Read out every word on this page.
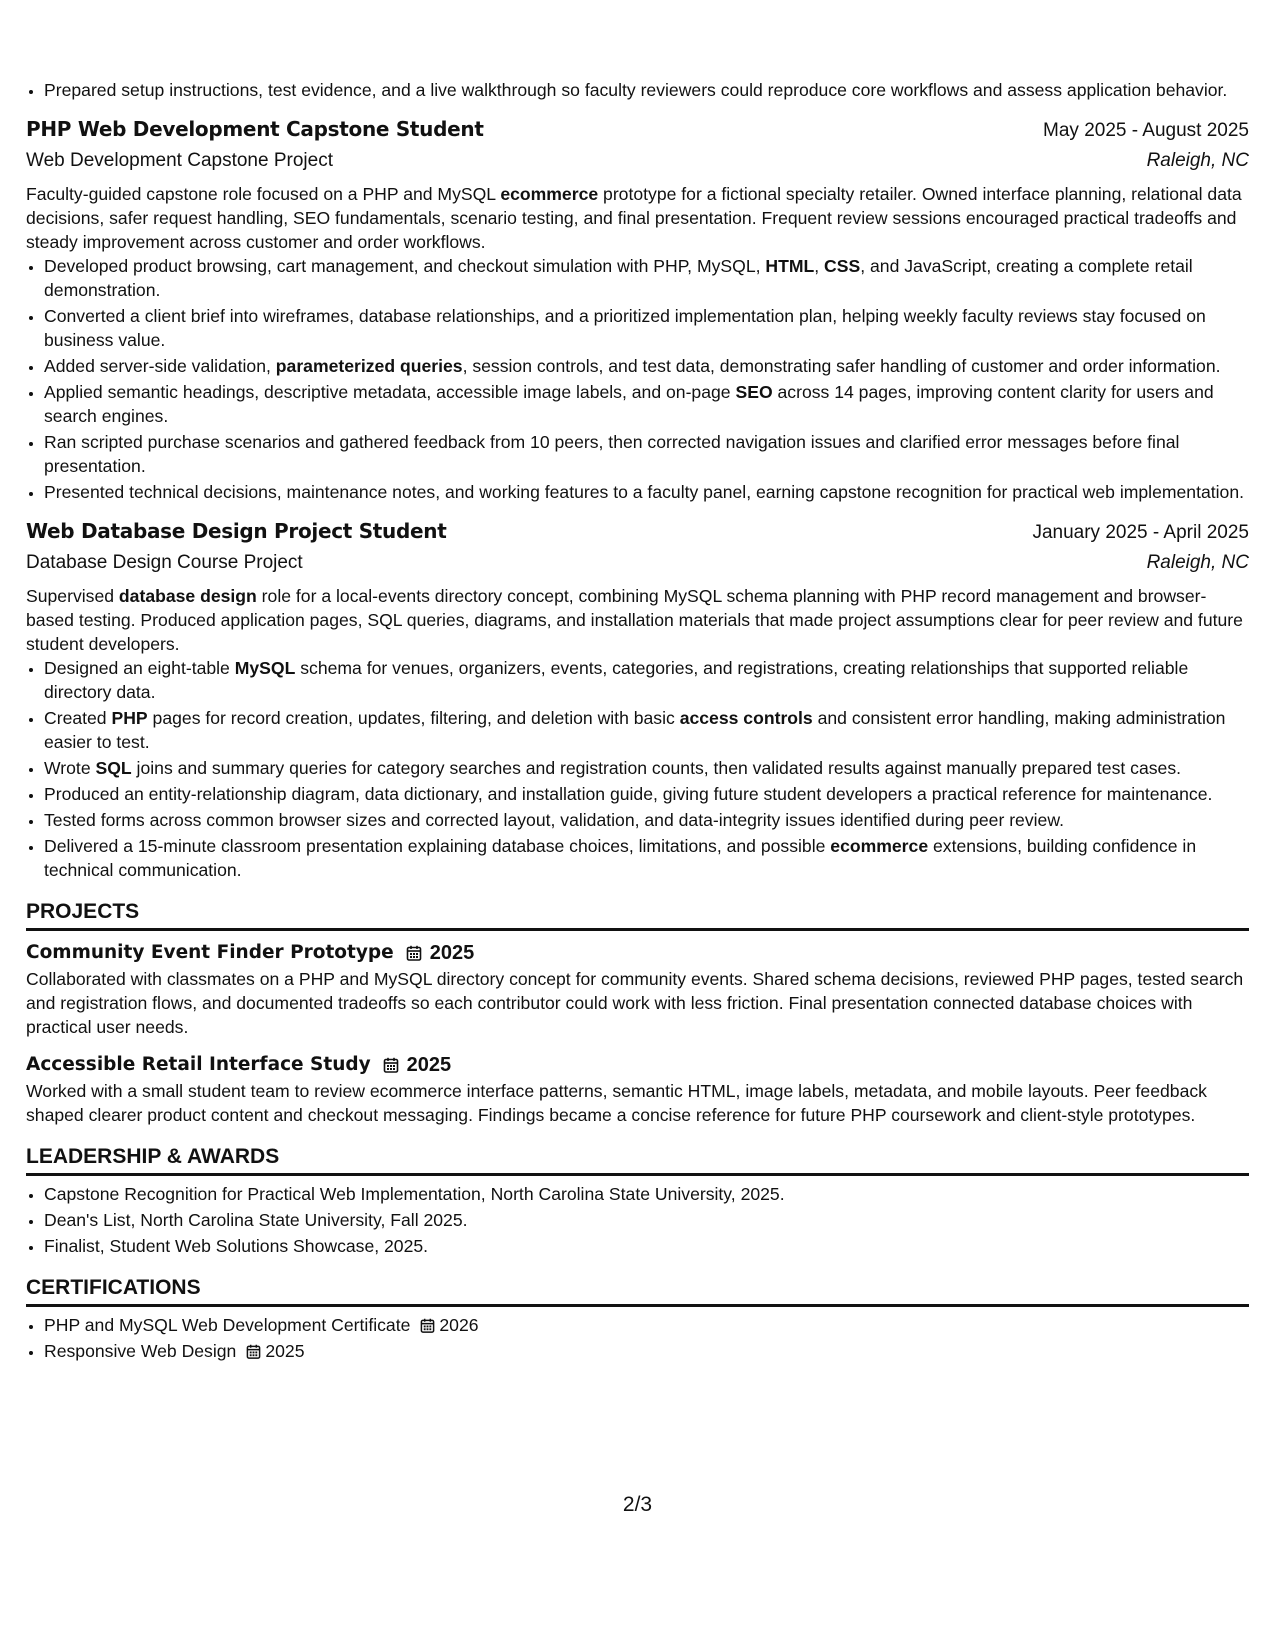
• Prepared setup instructions, test evidence, and a live walkthrough so faculty reviewers could reproduce core workflows and assess application behavior.
PHP Web Development Capstone Student	May 2025 - August 2025
Web Development Capstone Project	Raleigh, NC
Faculty-guided capstone role focused on a PHP and MySQL ecommerce prototype for a fictional specialty retailer. Owned interface planning, relational data decisions, safer request handling, SEO fundamentals, scenario testing, and final presentation. Frequent review sessions encouraged practical tradeoffs and steady improvement across customer and order workflows.
• Developed product browsing, cart management, and checkout simulation with PHP, MySQL, HTML, CSS, and JavaScript, creating a complete retail demonstration.
• Converted a client brief into wireframes, database relationships, and a prioritized implementation plan, helping weekly faculty reviews stay focused on business value.
• Added server-side validation, parameterized queries, session controls, and test data, demonstrating safer handling of customer and order information.
• Applied semantic headings, descriptive metadata, accessible image labels, and on-page SEO across 14 pages, improving content clarity for users and search engines.
• Ran scripted purchase scenarios and gathered feedback from 10 peers, then corrected navigation issues and clarified error messages before final presentation.
• Presented technical decisions, maintenance notes, and working features to a faculty panel, earning capstone recognition for practical web implementation.
Web Database Design Project Student	January 2025 - April 2025
Database Design Course Project	Raleigh, NC
Supervised database design role for a local-events directory concept, combining MySQL schema planning with PHP record management and browser-based testing. Produced application pages, SQL queries, diagrams, and installation materials that made project assumptions clear for peer review and future student developers.
• Designed an eight-table MySQL schema for venues, organizers, events, categories, and registrations, creating relationships that supported reliable directory data.
• Created PHP pages for record creation, updates, filtering, and deletion with basic access controls and consistent error handling, making administration easier to test.
• Wrote SQL joins and summary queries for category searches and registration counts, then validated results against manually prepared test cases.
• Produced an entity-relationship diagram, data dictionary, and installation guide, giving future student developers a practical reference for maintenance.
• Tested forms across common browser sizes and corrected layout, validation, and data-integrity issues identified during peer review.
• Delivered a 15-minute classroom presentation explaining database choices, limitations, and possible ecommerce extensions, building confidence in technical communication.
PROJECTS
Community Event Finder Prototype 2025
Collaborated with classmates on a PHP and MySQL directory concept for community events. Shared schema decisions, reviewed PHP pages, tested search and registration flows, and documented tradeoffs so each contributor could work with less friction. Final presentation connected database choices with practical user needs.
Accessible Retail Interface Study 2025
Worked with a small student team to review ecommerce interface patterns, semantic HTML, image labels, metadata, and mobile layouts. Peer feedback shaped clearer product content and checkout messaging. Findings became a concise reference for future PHP coursework and client-style prototypes.
LEADERSHIP & AWARDS
• Capstone Recognition for Practical Web Implementation, North Carolina State University, 2025.
• Dean's List, North Carolina State University, Fall 2025.
• Finalist, Student Web Solutions Showcase, 2025.
CERTIFICATIONS
• PHP and MySQL Web Development Certificate 2026
• Responsive Web Design 2025
2/3
